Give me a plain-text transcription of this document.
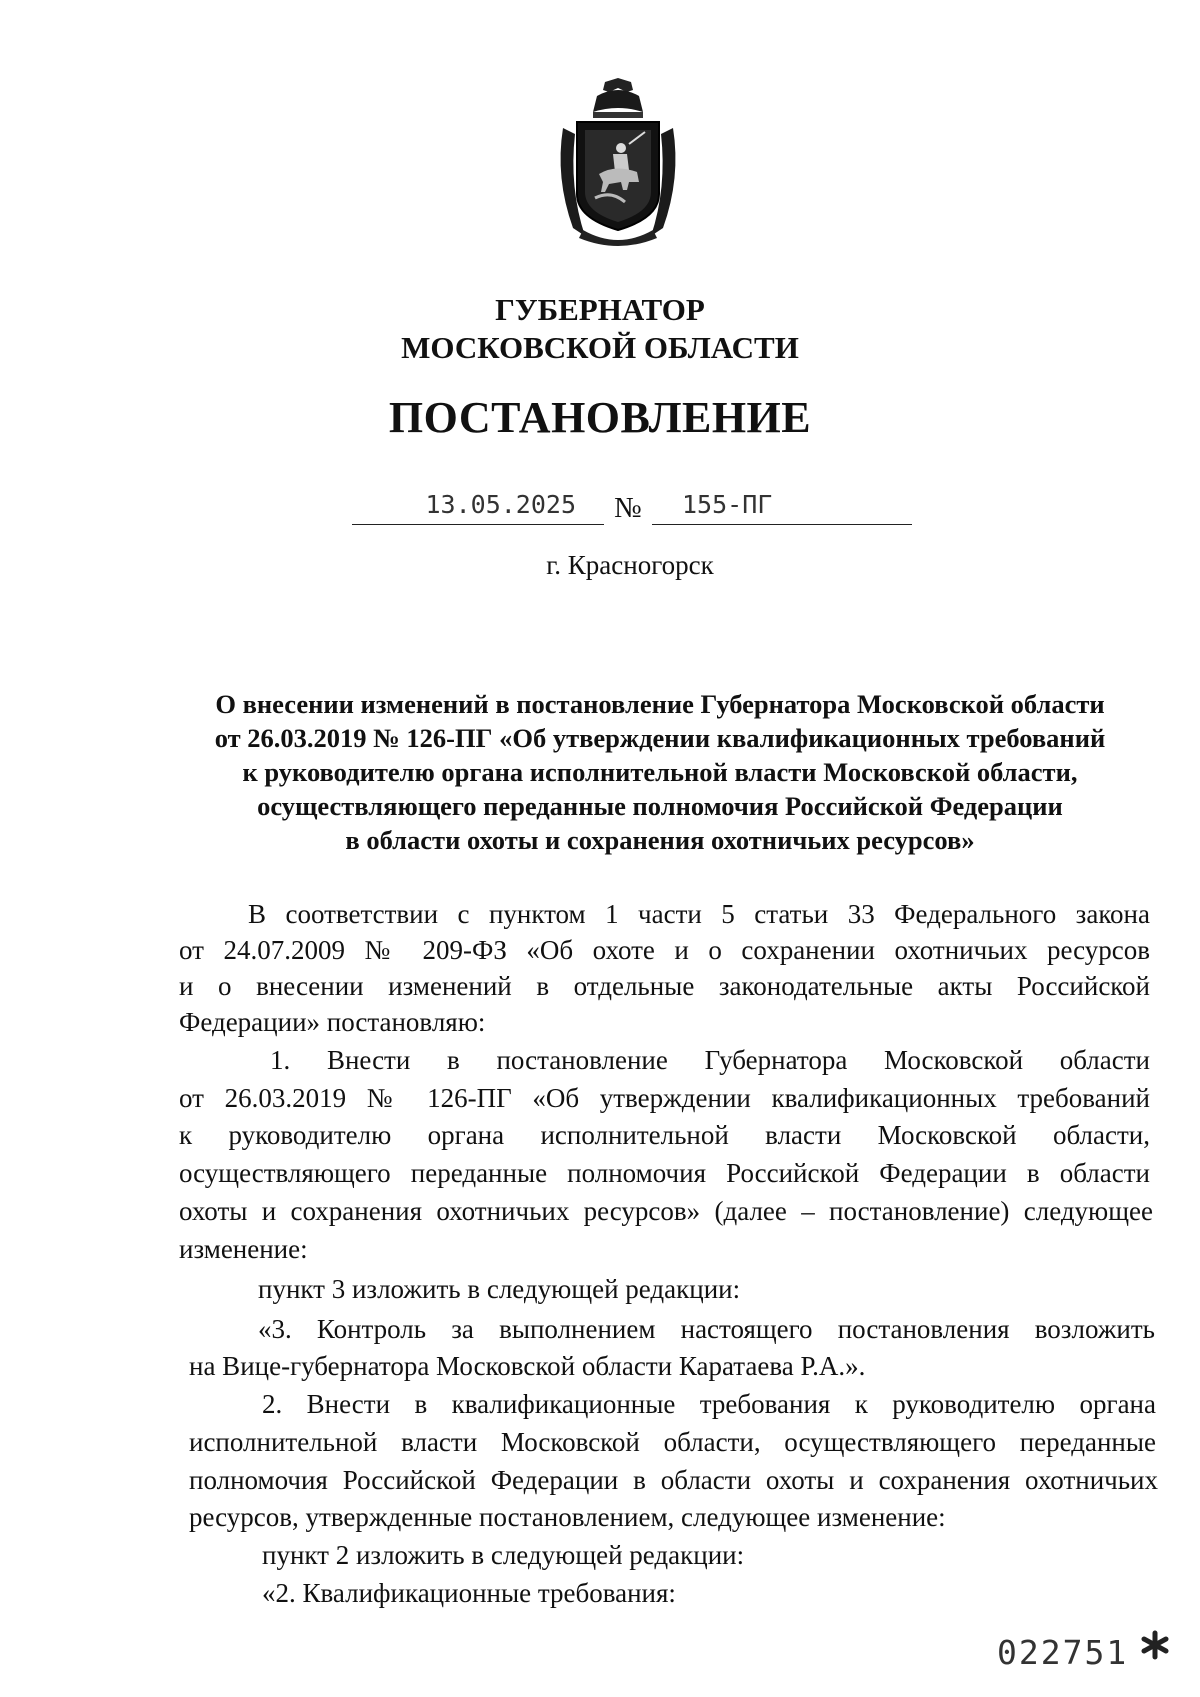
ГУБЕРНАТОР
МОСКОВСКОЙ ОБЛАСТИ
ПОСТАНОВЛЕНИЕ
13.05.2025	№	155-ПГ
г. Красногорск
О внесении изменений в постановление Губернатора Московской области
от 26.03.2019 № 126-ПГ «Об утверждении квалификационных требований
к руководителю органа исполнительной власти Московской области,
осуществляющего переданные полномочия Российской Федерации
в области охоты и сохранения охотничьих ресурсов»
В соответствии с пунктом 1 части 5 статьи 33 Федерального закона
от 24.07.2009 № 209-ФЗ «Об охоте и о сохранении охотничьих ресурсов
и о внесении изменений в отдельные законодательные акты Российской
Федерации» постановляю:
1. Внести в постановление Губернатора Московской области
от 26.03.2019 № 126-ПГ «Об утверждении квалификационных требований
к руководителю органа исполнительной власти Московской области,
осуществляющего переданные полномочия Российской Федерации в области
охоты и сохранения охотничьих ресурсов» (далее – постановление) следующее
изменение:
пункт 3 изложить в следующей редакции:
«3. Контроль за выполнением настоящего постановления возложить
на Вице-губернатора Московской области Каратаева Р.А.».
2. Внести в квалификационные требования к руководителю органа
исполнительной власти Московской области, осуществляющего переданные
полномочия Российской Федерации в области охоты и сохранения охотничьих
ресурсов, утвержденные постановлением, следующее изменение:
пункт 2 изложить в следующей редакции:
«2. Квалификационные требования:
022751
